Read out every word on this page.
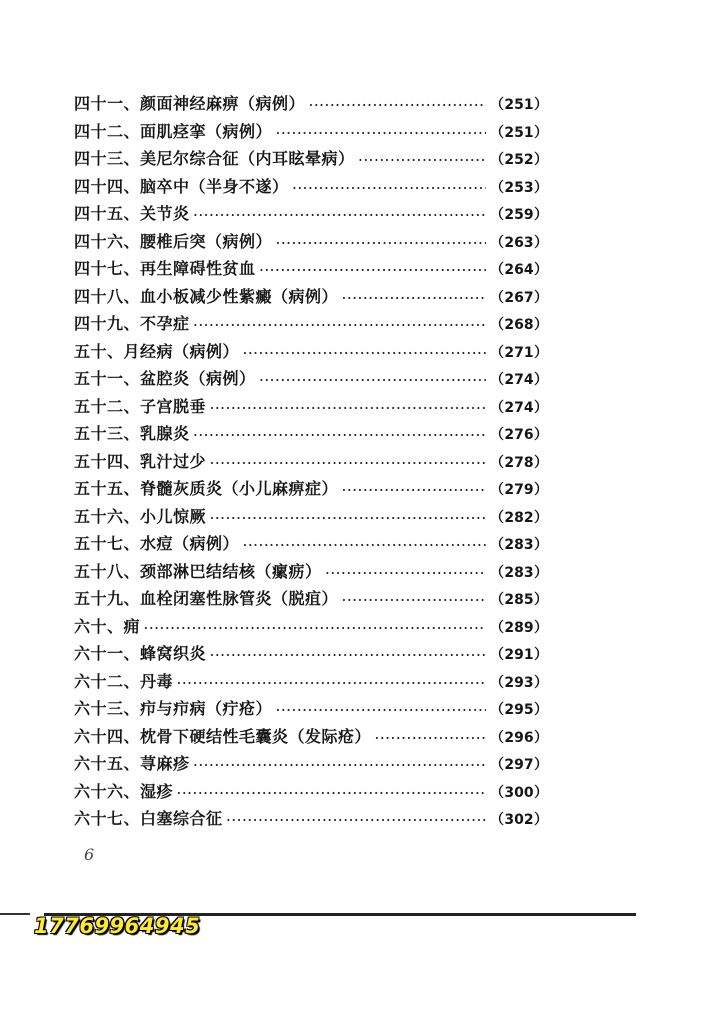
四十一、颜面神经麻痹（病例） ·····	（251）
四十二、面肌痉挛（病例） ·····	（251）
四十三、美尼尔综合征（内耳眩晕病） ·····	（252）
四十四、脑卒中（半身不遂） ·····	（253）
四十五、关节炎 ·····	（259）
四十六、腰椎后突（病例） ·····	（263）
四十七、再生障碍性贫血 ·····	（264）
四十八、血小板减少性紫癜（病例） ·····	（267）
四十九、不孕症 ·····	（268）
五十、月经病（病例） ·····	（271）
五十一、盆腔炎（病例） ·····	（274）
五十二、子宫脱垂 ·····	（274）
五十三、乳腺炎 ·····	（276）
五十四、乳汁过少 ·····	（278）
五十五、脊髓灰质炎（小儿麻痹症） ·····	（279）
五十六、小儿惊厥 ·····	（282）
五十七、水痘（病例） ·····	（283）
五十八、颈部淋巴结结核（瘰疬） ·····	（283）
五十九、血栓闭塞性脉管炎（脱疽） ·····	（285）
六十、痈 ·····	（289）
六十一、蜂窝织炎 ·····	（291）
六十二、丹毒 ·····	（293）
六十三、疖与疖病（疔疮） ·····	（295）
六十四、枕骨下硬结性毛囊炎（发际疮） ·····	（296）
六十五、荨麻疹 ·····	（297）
六十六、湿疹 ·····	（300）
六十七、白塞综合征 ·····	（302）
6
17769964945
